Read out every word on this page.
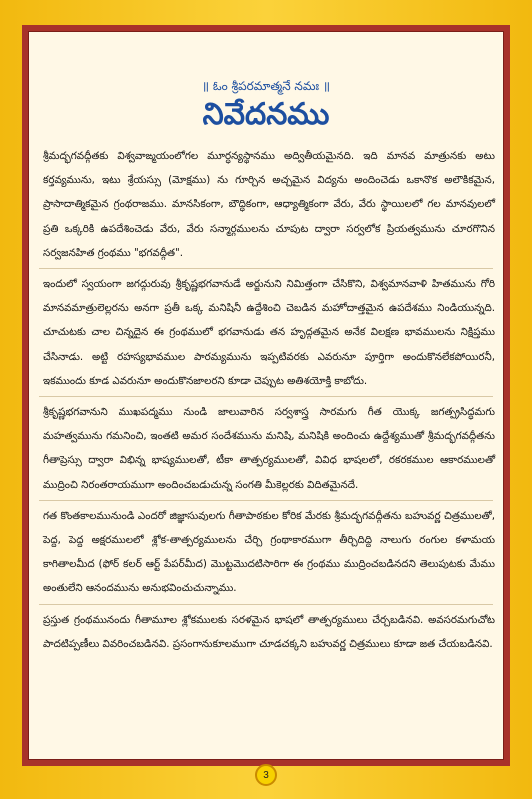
॥ ఓం శ్రీపరమాత్మనే నమః ॥
నివేదనము

శ్రీమద్భగవద్గీతకు విశ్వవాఙ్మయంలోగల మూర్ధన్యస్థానము అద్వితీయమైనది. ఇది మానవ మాత్రునకు అటు కర్తవ్యమును, ఇటు శ్రేయస్సు (మోక్షము) ను గూర్చిన అచ్చమైన విద్యను అందించెడు ఒకానొక అలౌకికమైన, ప్రాసాదాత్మికమైన గ్రంథరాజము. మానసికంగా, బౌద్ధికంగా, ఆధ్యాత్మికంగా వేరు, వేరు స్థాయిలలో గల మానవులలో ప్రతి ఒక్కరికి ఉపదేశించెడు వేరు, వేరు సన్మార్గములను చూపుట ద్వారా సర్వలోక ప్రియత్వమును చూరగొనిన సర్వజనహిత గ్రంథము "భగవద్గీత".

ఇందులో స్వయంగా జగద్గురువు శ్రీకృష్ణభగవానుడే అర్జునుని నిమిత్తంగా చేసికొని, విశ్వమానవాళి హితమును గోరి మానవమాత్రులెల్లరను అనగా ప్రతీ ఒక్క మనిషినీ ఉద్దేశించి చెబడిన మహోదాత్తమైన ఉపదేశము నిండియున్నది. చూచుటకు చాల చిన్నదైన ఈ గ్రంథములో భగవానుడు తన హృద్గతమైన అనేక విలక్షణ భావములను నిక్షిప్తము చేసినాడు. అట్టి రహస్యభావముల పారమ్యమును ఇప్పటివరకు ఎవరునూ పూర్తిగా అందుకొనలేకపోయిరనీ, ఇకముందు కూడ ఎవరునూ అందుకొనజాలరని కూడా చెప్పుట అతిశయోక్తి కాబోదు.

శ్రీకృష్ణభగవానుని ముఖపద్మము నుండి జాలువారిన సర్వశాస్త్ర సారమగు గీత యొక్క జగత్ప్రసిద్ధమగు మహత్వమును గమనించి, ఇంతటి అమర సందేశమును మనిషి, మనిషికి అందించు ఉద్దేశ్యముతో శ్రీమద్భగవద్గీతను గీతాప్రెస్సు ద్వారా విభిన్న భాష్యములతో, టీకా తాత్పర్యములతో, వివిధ భాషలలో, రకరకముల ఆకారములతో ముద్రించి నిరంతరాయముగా అందించబడుచున్న సంగతి మీకెల్లరకు విదితమైనదే.

గత కొంతకాలమునుండి ఎందరో జిజ్ఞాసువులగు గీతాపాఠకుల కోరిక మేరకు శ్రీమద్భగవద్గీతను బహువర్ణ చిత్రములతో, పెద్ద, పెద్ద అక్షరములలో శ్లోక-తాత్పర్యములను చేర్చి గ్రంథాకారముగా తీర్చిదిద్ది నాలుగు రంగుల కళామయ కాగితాలమీద (ఫోర్ కలర్ ఆర్ట్ పేపర్‌మీద) మొట్టమొదటిసారిగా ఈ గ్రంథము ముద్రించబడినదని తెలుపుటకు మేము అంతులేని ఆనందమును అనుభవించుచున్నాము.

ప్రస్తుత గ్రంథమునందు గీతామూల శ్లోకములకు సరళమైన భాషలో తాత్పర్యములు చేర్చబడినవి. అవసరమగుచోట పాదటిప్పణీలు వివరించబడినవి. ప్రసంగానుకూలముగా చూడచక్కని బహువర్ణ చిత్రములు కూడా జత చేయబడినవి.

3
